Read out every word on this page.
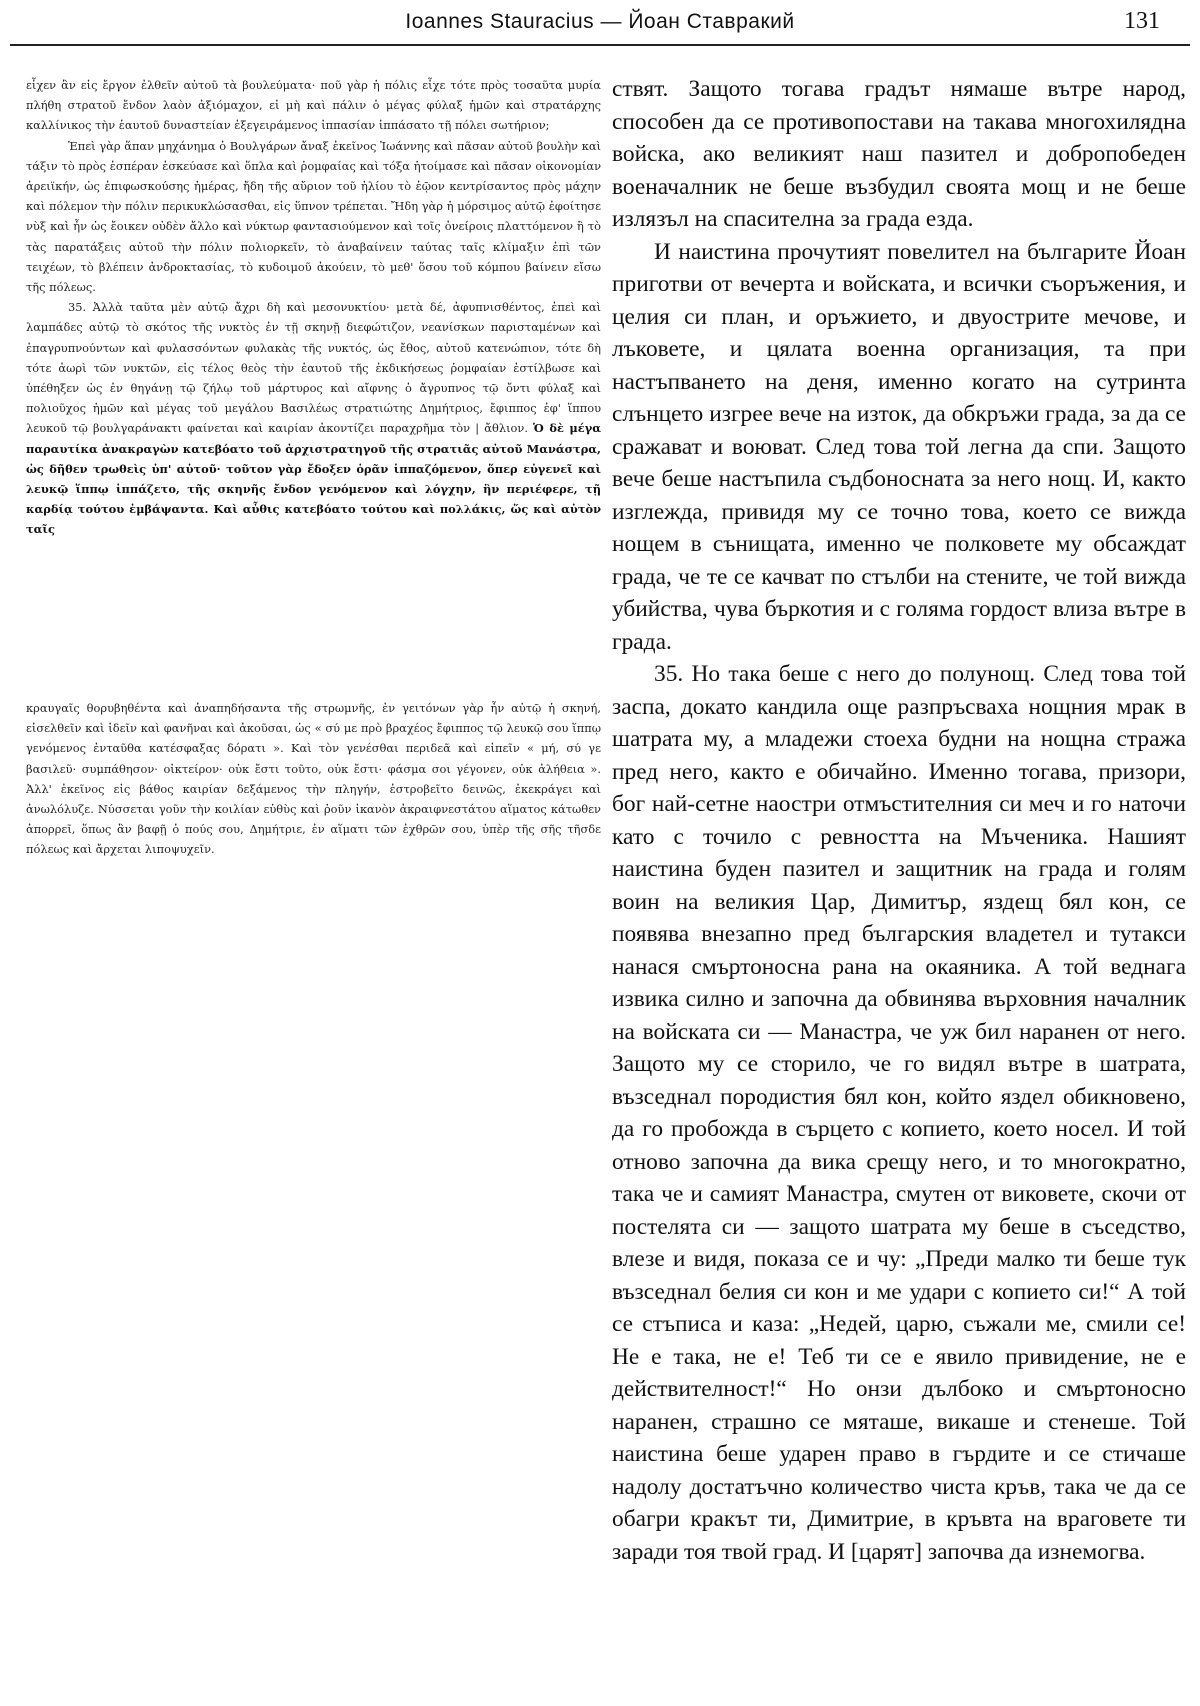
Ioannes Stauracius — Йоан Ставракий	131

εἶχεν ἂν εἰς ἔργον ἐλθεῖν αὐτοῦ τὰ βουλεύματα· ποῦ γὰρ ἡ πόλις εἶχε τότε πρὸς τοσαῦτα μυρία πλήθη στρατοῦ ἔνδον λαὸν ἀξιόμαχον, εἰ μὴ καὶ πάλιν ὁ μέγας φύλαξ ἡμῶν καὶ στρατάρχης καλλίνικος τὴν ἑαυτοῦ δυναστείαν ἐξεγειράμενος ἱππασίαν ἱππάσατο τῇ πόλει σωτήριον;

Ἐπεὶ γὰρ ἅπαν μηχάνημα ὁ Βουλγάρων ἄναξ ἐκεῖνος Ἰωάννης καὶ πᾶσαν αὐτοῦ βουλὴν καὶ τάξιν τὸ πρὸς ἑσπέραν ἐσκεύασε καὶ ὅπλα καὶ ῥομφαίας καὶ τόξα ἡτοίμασε καὶ πᾶσαν οἰκονομίαν ἀρειϊκήν, ὡς ἐπιφωσκούσης ἡμέρας, ἤδη τῆς αὔριον τοῦ ἡλίου τὸ ἑῷον κεντρίσαντος πρὸς μάχην καὶ πόλεμον τὴν πόλιν περικυκλώσασθαι, εἰς ὕπνον τρέπεται. Ἤδη γὰρ ἡ μόρσιμος αὐτῷ ἐφοίτησε νὺξ καὶ ἦν ὡς ἔοικεν οὐδὲν ἄλλο καὶ νύκτωρ φαντασιούμενον καὶ τοῖς ὀνείροις πλαττόμενον ἢ τὸ τὰς παρατάξεις αὐτοῦ τὴν πόλιν πολιορκεῖν, τὸ ἀναβαίνειν ταύτας ταῖς κλίμαξιν ἐπὶ τῶν τειχέων, τὸ βλέπειν ἀνδροκτασίας, τὸ κυδοιμοῦ ἀκούειν, τὸ μεθ' ὅσου τοῦ κόμπου βαίνειν εἴσω τῆς πόλεως.

35. Ἀλλὰ ταῦτα μὲν αὐτῷ ἄχρι δὴ καὶ μεσονυκτίου· μετὰ δέ, ἀφυπνισθέντος, ἐπεὶ καὶ λαμπάδες αὐτῷ τὸ σκότος τῆς νυκτὸς ἐν τῇ σκηνῇ διεφώτιζον, νεανίσκων παρισταμένων καὶ ἐπαγρυπνούντων καὶ φυλασσόντων φυλακὰς τῆς νυκτός, ὡς ἔθος, αὐτοῦ κατενώπιον, τότε δὴ τότε ἀωρὶ τῶν νυκτῶν, εἰς τέλος θεὸς τὴν ἑαυτοῦ τῆς ἐκδικήσεως ῥομφαίαν ἐστίλβωσε καὶ ὑπέθηξεν ὡς ἐν θηγάνῃ τῷ ζήλῳ τοῦ μάρτυρος καὶ αἴφνης ὁ ἄγρυπνος τῷ ὄντι φύλαξ καὶ πολιοῦχος ἡμῶν καὶ μέγας τοῦ μεγάλου Βασιλέως στρατιώτης Δημήτριος, ἔφιππος ἐφ' ἵππου λευκοῦ τῷ βουλγαράνακτι φαίνεται καὶ καιρίαν ἀκοντίζει παραχρῆμα τὸν | ἄθλιον. Ὁ δὲ μέγα παραυτίκα ἀνακραγὼν κατεβόατο τοῦ ἀρχιστρατηγοῦ τῆς στρατιᾶς αὐτοῦ Μανάστρα, ὡς δῆθεν τρωθεὶς ὑπ' αὐτοῦ· τοῦτον γὰρ ἔδοξεν ὁρᾶν ἱππαζόμενον, ὅπερ εὐγενεῖ καὶ λευκῷ ἵππῳ ἱππάζετο, τῆς σκηνῆς ἔνδον γενόμενον καὶ λόγχην, ἣν περιέφερε, τῇ καρδίᾳ τούτου ἐμβάψαντα. Καὶ αὖθις κατεβόατο τούτου καὶ πολλάκις, ὥς καὶ αὐτὸν ταῖς

κραυγαῖς θορυβηθέντα καὶ ἀναπηδήσαντα τῆς στρωμνῆς, ἐν γειτόνων γὰρ ἦν αὐτῷ ἡ σκηνή, εἰσελθεῖν καὶ ἰδεῖν καὶ φανῆναι καὶ ἀκοῦσαι, ὡς « σύ με πρὸ βραχέος ἔφιππος τῷ λευκῷ σου ἵππῳ γενόμενος ἐνταῦθα κατέσφαξας δόρατι ». Καὶ τὸν γενέσθαι περιδεᾶ καὶ εἰπεῖν « μή, σύ γε βασιλεῦ· συμπάθησον· οἰκτείρον· οὐκ ἔστι τοῦτο, οὐκ ἔστι· φάσμα σοι γέγονεν, οὐκ ἀλήθεια ». Ἀλλ' ἐκεῖνος εἰς βάθος καιρίαν δεξάμενος τὴν πληγήν, ἐστροβεῖτο δεινῶς, ἐκεκράγει καὶ ἀνωλόλυζε. Νύσσεται γοῦν τὴν κοιλίαν εὐθὺς καὶ ῥοῦν ἱκανὸν ἀκραιφνεστάτου αἵματος κάτωθεν ἀπορρεῖ, ὅπως ἂν βαφῇ ὁ πούς σου, Δημήτριε, ἐν αἵματι τῶν ἐχθρῶν σου, ὑπὲρ τῆς σῆς τῆσδε πόλεως καὶ ἄρχεται λιποψυχεῖν.

ствят. Защото тогава градът нямаше вътре народ, способен да се противопостави на такава многохилядна войска, ако великият наш пазител и добропобеден военачалник не беше възбудил своята мощ и не беше излязъл на спасителна за града езда.

И наистина прочутият повелител на българите Йоан приготви от вечерта и войската, и всички съоръжения, и целия си план, и оръжието, и двуострите мечове, и лъковете, и цялата военна организация, та при настъпването на деня, именно когато на сутринта слънцето изгрее вече на изток, да обкръжи града, за да се сражават и воюват. След това той легна да спи. Защото вече беше настъпила съдбоносната за него нощ. И, както изглежда, привидя му се точно това, което се вижда нощем в сънищата, именно че полковете му обсаждат града, че те се качват по стълби на стените, че той вижда убийства, чува бъркотия и с голяма гордост влиза вътре в града.

35. Но така беше с него до полунощ. След това той заспа, докато кандила още разпръсваха нощния мрак в шатрата му, а младежи стоеха будни на нощна стража пред него, както е обичайно. Именно тогава, призори, бог най-сетне наостри отмъстителния си меч и го наточи като с точило с ревността на Мъченика. Нашият наистина буден пазител и защитник на града и голям воин на великия Цар, Димитър, яздещ бял кон, се появява внезапно пред българския владетел и тутакси нанася смъртоносна рана на окаяника. А той веднага извика силно и започна да обвинява върховния началник на войската си — Манастра, че уж бил наранен от него. Защото му се сторило, че го видял вътре в шатрата, възседнал породистия бял кон, който яздел обикновено, да го пробожда в сърцето с копието, което носел. И той отново започна да вика срещу него, и то многократно, така че и самият Манастра, смутен от виковете, скочи от постелята си — защото шатрата му беше в съседство, влезе и видя, показа се и чу: „Преди малко ти беше тук възседнал белия си кон и ме удари с копието си!“ А той се стъписа и каза: „Недей, царю, съжали ме, смили се! Не е така, не е! Теб ти се е явило привидение, не е действителност!“ Но онзи дълбоко и смъртоносно наранен, страшно се мяташе, викаше и стенеше. Той наистина беше ударен право в гърдите и се стичаше надолу достатъчно количество чиста кръв, така че да се обагри кракът ти, Димитрие, в кръвта на враговете ти заради тоя твой град. И [царят] започва да изнемогва.
